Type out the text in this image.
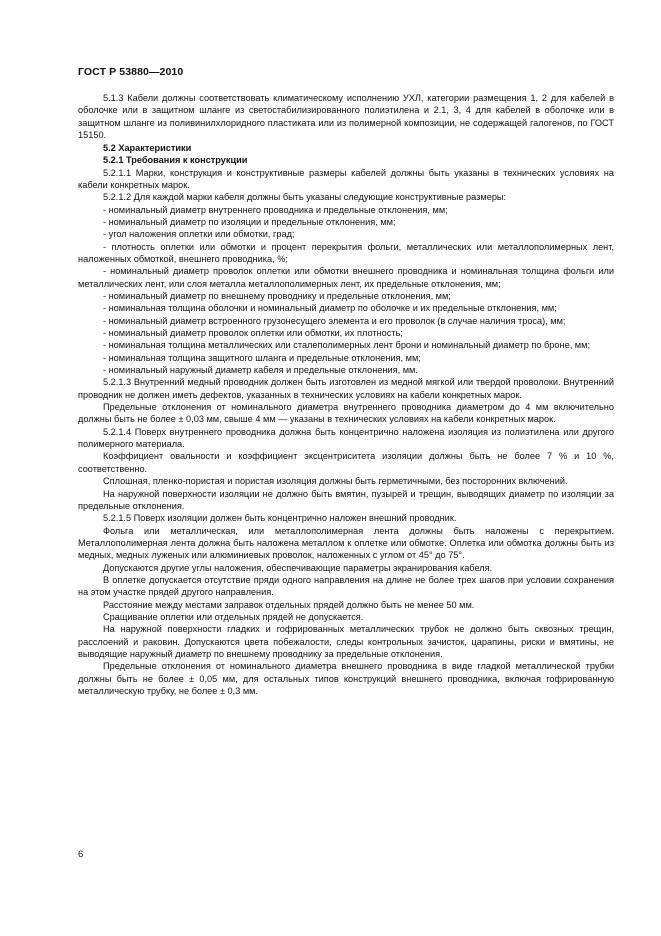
ГОСТ Р 53880—2010

5.1.3 Кабели должны соответствовать климатическому исполнению УХЛ, категории размещения 1, 2 для кабелей в оболочке или в защитном шланге из светостабилизированного полиэтилена и 2.1, 3, 4 для кабелей в оболочке или в защитном шланге из поливинилхлоридного пластиката или из полимерной композиции, не содержащей галогенов, по ГОСТ 15150.

5.2 Характеристики

5.2.1 Требования к конструкции

5.2.1.1 Марки, конструкция и конструктивные размеры кабелей должны быть указаны в технических условиях на кабели конкретных марок.

5.2.1.2 Для каждой марки кабеля должны быть указаны следующие конструктивные размеры:

- номинальный диаметр внутреннего проводника и предельные отклонения, мм;

- номинальный диаметр по изоляции и предельные отклонения, мм;

- угол наложения оплетки или обмотки, град;

- плотность оплетки или обмотки и процент перекрытия фольги, металлических или металлополимерных лент, наложенных обмоткой, внешнего проводника, %;

- номинальный диаметр проволок оплетки или обмотки внешнего проводника и номинальная толщина фольги или металлических лент, или слоя металла металлополимерных лент, их предельные отклонения, мм;

- номинальный диаметр по внешнему проводнику и предельные отклонения, мм;

- номинальная толщина оболочки и номинальный диаметр по оболочке и их предельные отклонения, мм;

- номинальный диаметр встроенного грузонесущего элемента и его проволок (в случае наличия троса), мм;

- номинальный диаметр проволок оплетки или обмотки, их плотность;

- номинальная толщина металлических или сталеполимерных лент брони и номинальный диаметр по броне, мм;

- номинальная толщина защитного шланга и предельные отклонения, мм;

- номинальный наружный диаметр кабеля и предельные отклонения, мм.

5.2.1.3 Внутренний медный проводник должен быть изготовлен из медной мягкой или твердой проволоки. Внутренний проводник не должен иметь дефектов, указанных в технических условиях на кабели конкретных марок.

Предельные отклонения от номинального диаметра внутреннего проводника диаметром до 4 мм включительно должны быть не более ± 0,03 мм, свыше 4 мм — указаны в технических условиях на кабели конкретных марок.

5.2.1.4 Поверх внутреннего проводника должна быть концентрично наложена изоляция из полиэтилена или другого полимерного материала.

Коэффициент овальности и коэффициент эксцентриситета изоляции должны быть не более 7 % и 10 %, соответственно.

Сплошная, пленко-пористая и пористая изоляция должны быть герметичными, без посторонних включений.

На наружной поверхности изоляции не должно быть вмятин, пузырей и трещин, выводящих диаметр по изоляции за предельные отклонения.

5.2.1.5 Поверх изоляции должен быть концентрично наложен внешний проводник.

Фольга или металлическая, или металлополимерная лента должны быть наложены с перекрытием. Металлополимерная лента должна быть наложена металлом к оплетке или обмотке. Оплетка или обмотка должны быть из медных, медных луженых или алюминиевых проволок, наложенных с углом от 45° до 75°.

Допускаются другие углы наложения, обеспечивающие параметры экранирования кабеля.

В оплетке допускается отсутствие пряди одного направления на длине не более трех шагов при условии сохранения на этом участке прядей другого направления.

Расстояние между местами заправок отдельных прядей должно быть не менее 50 мм.

Сращивание оплетки или отдельных прядей не допускается.

На наружной поверхности гладких и гофрированных металлических трубок не должно быть сквозных трещин, расслоений и раковин. Допускаются цвета побежалости, следы контрольных зачисток, царапины, риски и вмятины, не выводящие наружный диаметр по внешнему проводнику за предельные отклонения.

Предельные отклонения от номинального диаметра внешнего проводника в виде гладкой металлической трубки должны быть не более ± 0,05 мм, для остальных типов конструкций внешнего проводника, включая гофрированную металлическую трубку, не более ± 0,3 мм.

6
